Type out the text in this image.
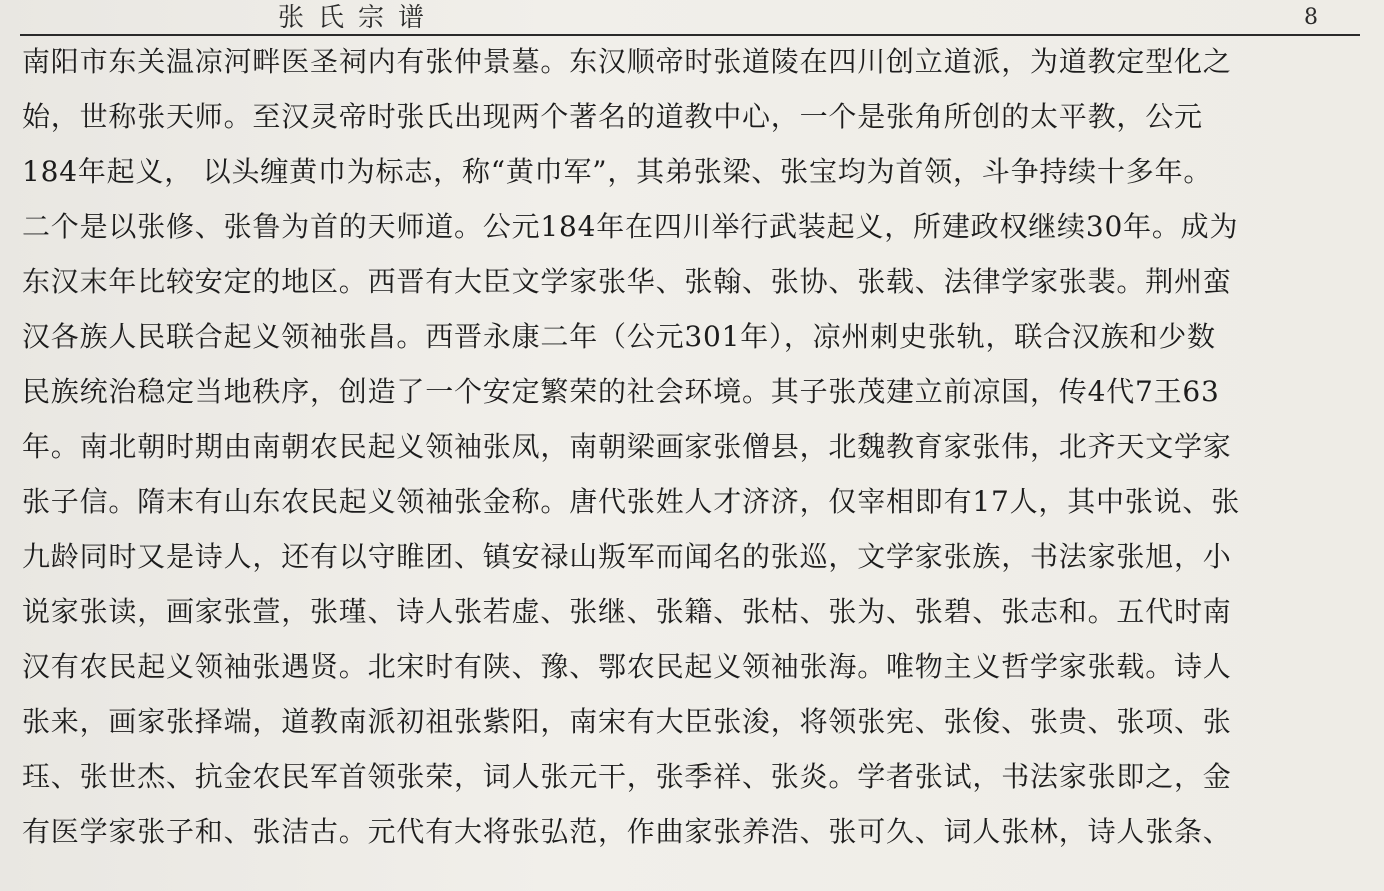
张氏宗谱	8
南阳市东关温凉河畔医圣祠内有张仲景墓。东汉顺帝时张道陵在四川创立道派，为道教定型化之
始，世称张天师。至汉灵帝时张氏出现两个著名的道教中心，一个是张角所创的太平教，公元
184年起义， 以头缠黄巾为标志，称“黄巾军”，其弟张梁、张宝均为首领，斗争持续十多年。
二个是以张修、张鲁为首的天师道。公元184年在四川举行武装起义，所建政权继续30年。成为
东汉末年比较安定的地区。西晋有大臣文学家张华、张翰、张协、张载、法律学家张裴。荆州蛮
汉各族人民联合起义领袖张昌。西晋永康二年（公元301年），凉州刺史张轨，联合汉族和少数
民族统治稳定当地秩序，创造了一个安定繁荣的社会环境。其子张茂建立前凉国，传4代7王63
年。南北朝时期由南朝农民起义领袖张凤，南朝梁画家张僧县，北魏教育家张伟，北齐天文学家
张子信。隋末有山东农民起义领袖张金称。唐代张姓人才济济，仅宰相即有17人，其中张说、张
九龄同时又是诗人，还有以守睢团、镇安禄山叛军而闻名的张巡，文学家张族，书法家张旭，小
说家张读，画家张萱，张瑾、诗人张若虚、张继、张籍、张枯、张为、张碧、张志和。五代时南
汉有农民起义领袖张遇贤。北宋时有陕、豫、鄂农民起义领袖张海。唯物主义哲学家张载。诗人
张来，画家张择端，道教南派初祖张紫阳，南宋有大臣张浚，将领张宪、张俊、张贵、张项、张
珏、张世杰、抗金农民军首领张荣，词人张元干，张季祥、张炎。学者张试，书法家张即之，金
有医学家张子和、张洁古。元代有大将张弘范，作曲家张养浩、张可久、词人张林，诗人张条、
